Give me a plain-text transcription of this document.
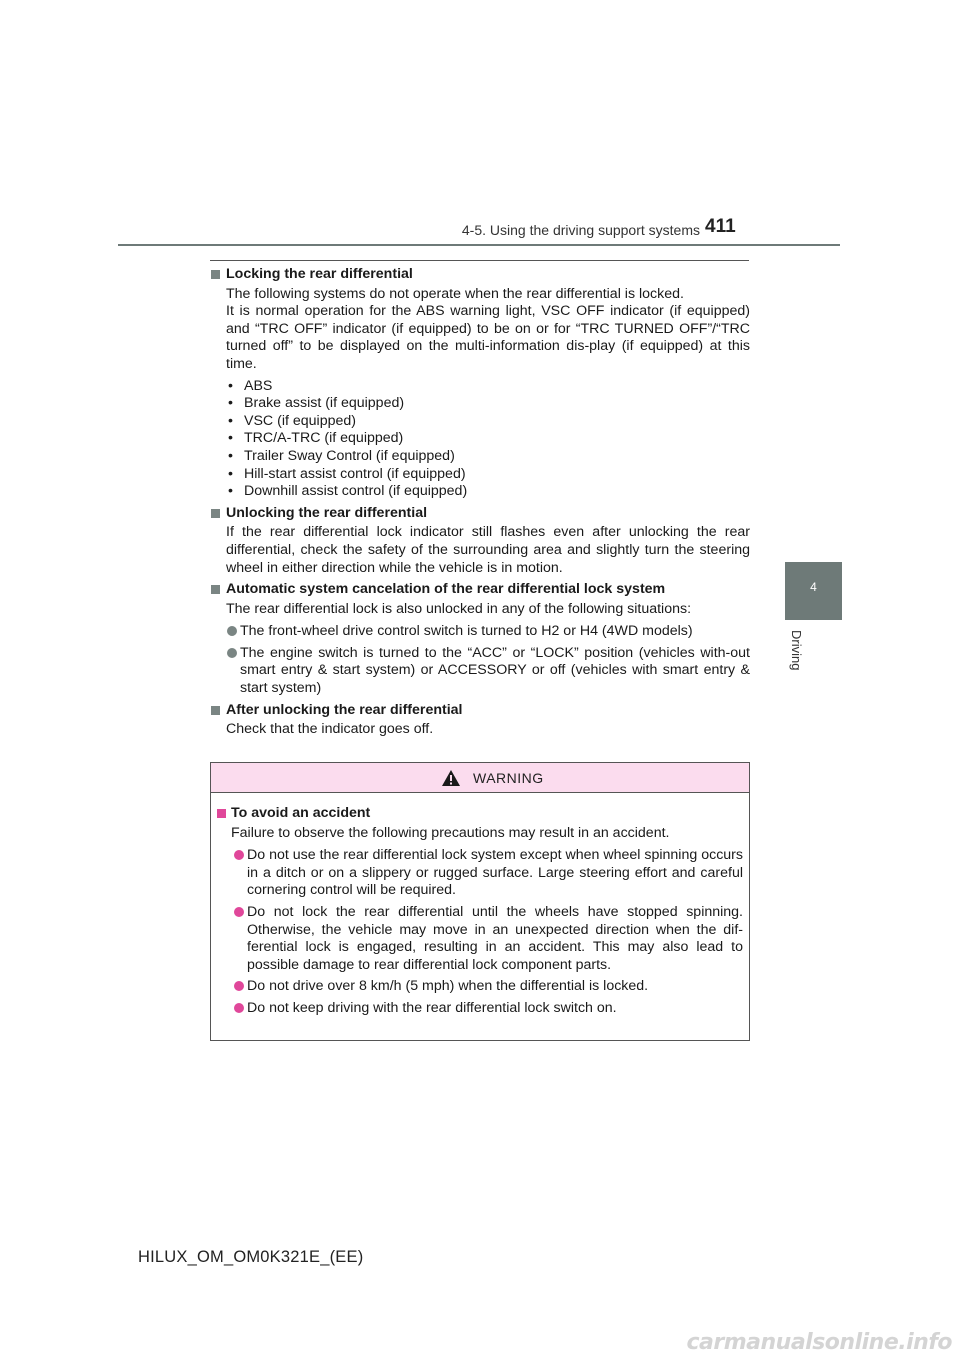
4-5. Using the driving support systems 411
4
Driving
Locking the rear differential
The following systems do not operate when the rear differential is locked.
It is normal operation for the ABS warning light, VSC OFF indicator (if equipped) and “TRC OFF” indicator (if equipped) to be on or for “TRC TURNED OFF”/“TRC turned off” to be displayed on the multi-information dis-play (if equipped) at this time.
• ABS
• Brake assist (if equipped)
• VSC (if equipped)
• TRC/A-TRC (if equipped)
• Trailer Sway Control (if equipped)
• Hill-start assist control (if equipped)
• Downhill assist control (if equipped)
Unlocking the rear differential
If the rear differential lock indicator still flashes even after unlocking the rear differential, check the safety of the surrounding area and slightly turn the steering wheel in either direction while the vehicle is in motion.
Automatic system cancelation of the rear differential lock system
The rear differential lock is also unlocked in any of the following situations:
The front-wheel drive control switch is turned to H2 or H4 (4WD models)
The engine switch is turned to the “ACC” or “LOCK” position (vehicles with-out smart entry & start system) or ACCESSORY or off (vehicles with smart entry & start system)
After unlocking the rear differential
Check that the indicator goes off.
WARNING
To avoid an accident
Failure to observe the following precautions may result in an accident.
Do not use the rear differential lock system except when wheel spinning occurs in a ditch or on a slippery or rugged surface. Large steering effort and careful cornering control will be required.
Do not lock the rear differential until the wheels have stopped spinning. Otherwise, the vehicle may move in an unexpected direction when the dif-ferential lock is engaged, resulting in an accident. This may also lead to possible damage to rear differential lock component parts.
Do not drive over 8 km/h (5 mph) when the differential is locked.
Do not keep driving with the rear differential lock switch on.
HILUX_OM_OM0K321E_(EE)
carmanualsonline.info
